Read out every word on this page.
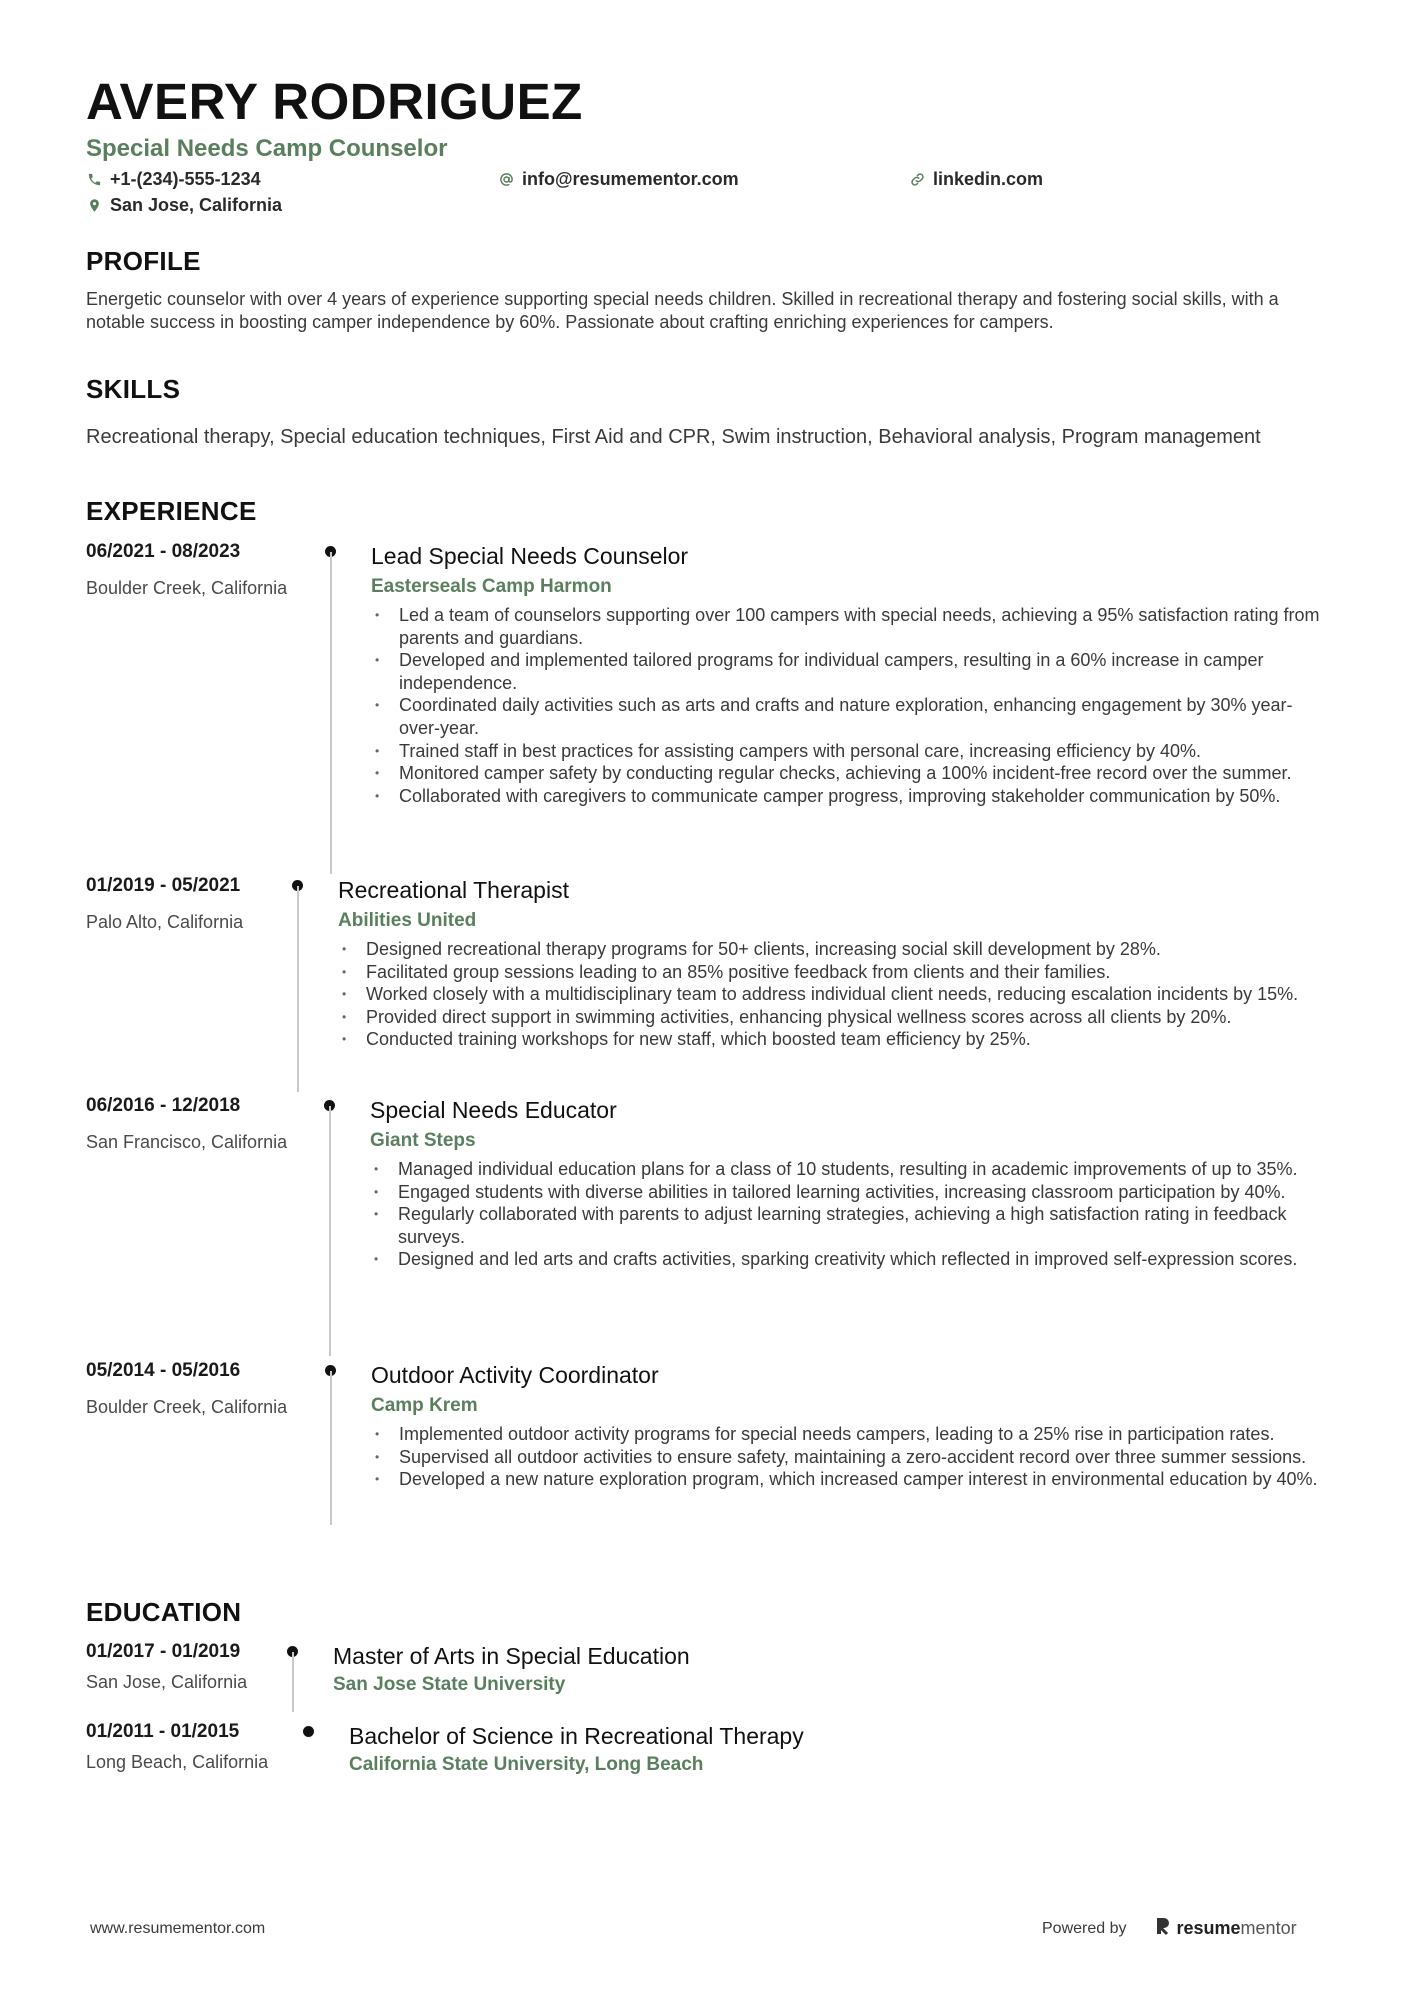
AVERY RODRIGUEZ
Special Needs Camp Counselor
+1-(234)-555-1234	info@resumementor.com	linkedin.com
San Jose, California
PROFILE
Energetic counselor with over 4 years of experience supporting special needs children. Skilled in recreational therapy and fostering social skills, with a notable success in boosting camper independence by 60%. Passionate about crafting enriching experiences for campers.
SKILLS
Recreational therapy, Special education techniques, First Aid and CPR, Swim instruction, Behavioral analysis, Program management
EXPERIENCE
06/2021 - 08/2023
Boulder Creek, California
Lead Special Needs Counselor
Easterseals Camp Harmon
• Led a team of counselors supporting over 100 campers with special needs, achieving a 95% satisfaction rating from parents and guardians.
• Developed and implemented tailored programs for individual campers, resulting in a 60% increase in camper independence.
• Coordinated daily activities such as arts and crafts and nature exploration, enhancing engagement by 30% year-over-year.
• Trained staff in best practices for assisting campers with personal care, increasing efficiency by 40%.
• Monitored camper safety by conducting regular checks, achieving a 100% incident-free record over the summer.
• Collaborated with caregivers to communicate camper progress, improving stakeholder communication by 50%.
01/2019 - 05/2021
Palo Alto, California
Recreational Therapist
Abilities United
• Designed recreational therapy programs for 50+ clients, increasing social skill development by 28%.
• Facilitated group sessions leading to an 85% positive feedback from clients and their families.
• Worked closely with a multidisciplinary team to address individual client needs, reducing escalation incidents by 15%.
• Provided direct support in swimming activities, enhancing physical wellness scores across all clients by 20%.
• Conducted training workshops for new staff, which boosted team efficiency by 25%.
06/2016 - 12/2018
San Francisco, California
Special Needs Educator
Giant Steps
• Managed individual education plans for a class of 10 students, resulting in academic improvements of up to 35%.
• Engaged students with diverse abilities in tailored learning activities, increasing classroom participation by 40%.
• Regularly collaborated with parents to adjust learning strategies, achieving a high satisfaction rating in feedback surveys.
• Designed and led arts and crafts activities, sparking creativity which reflected in improved self-expression scores.
05/2014 - 05/2016
Boulder Creek, California
Outdoor Activity Coordinator
Camp Krem
• Implemented outdoor activity programs for special needs campers, leading to a 25% rise in participation rates.
• Supervised all outdoor activities to ensure safety, maintaining a zero-accident record over three summer sessions.
• Developed a new nature exploration program, which increased camper interest in environmental education by 40%.
EDUCATION
01/2017 - 01/2019
San Jose, California
Master of Arts in Special Education
San Jose State University
01/2011 - 01/2015
Long Beach, California
Bachelor of Science in Recreational Therapy
California State University, Long Beach
www.resumementor.com	Powered by	resume mentor
